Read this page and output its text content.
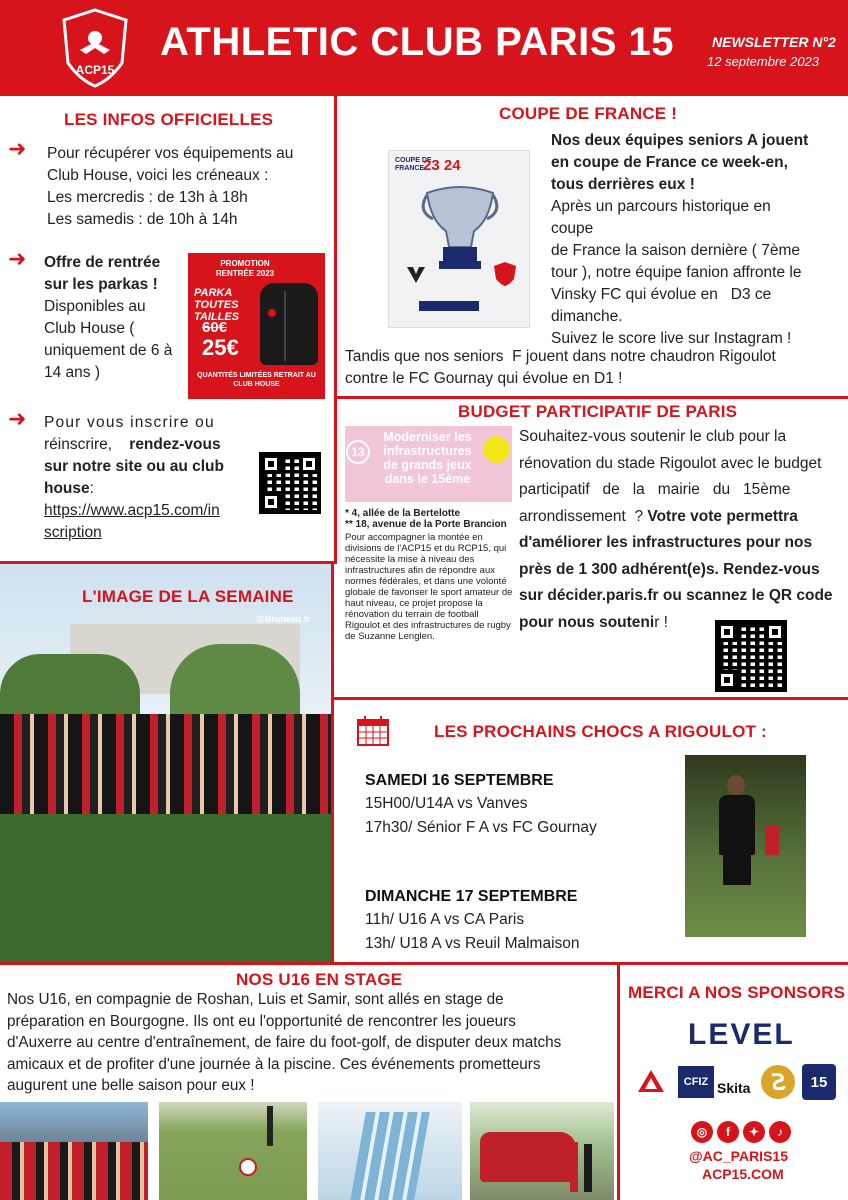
ACP15
ATHLETIC CLUB PARIS 15	NEWSLETTER N°2
12 septembre 2023
LES INFOS OFFICIELLES
➜ Pour récupérer vos équipements au
Club House, voici les créneaux :
Les mercredis : de 13h à 18h
Les samedis : de 10h à 14h
➜ Offre de rentrée
sur les parkas !
Disponibles au
Club House (
uniquement de 6 à
14 ans )
PROMOTION RENTRÉE 2023
PARKA TOUTES TAILLES
60€
25€
QUANTITÉS LIMITÉES RETRAIT AU CLUB HOUSE
➜ Pour vous inscrire ou
réinscrire, rendez-vous
sur notre site ou au club
house:
https://www.acp15.com/in
scription
COUPE DE FRANCE !
COUPE DE FRANCE
23 24
Nos deux équipes seniors A jouent
en coupe de France ce week-en,
tous derrières eux !
Après un parcours historique en coupe
de France la saison dernière ( 7ème
tour ), notre équipe fanion affronte le
Vinsky FC qui évolue en   D3 ce
dimanche.
Suivez le score live sur Instagram !
Tandis que nos seniors  F jouent dans notre chaudron Rigoulot
contre le FC Gournay qui évolue en D1 !
BUDGET PARTICIPATIF DE PARIS
13
Moderniser les infrastructures de grands jeux dans le 15ème
* 4, allée de la Bertelotte
** 18, avenue de la Porte Brancion
Pour accompagner la montée en divisions de l'ACP15 et du RCP15, qui nécessite la mise à niveau des infrastructures afin de répondre aux normes fédérales, et dans une volonté globale de favoriser le sport amateur de haut niveau, ce projet propose la rénovation du terrain de football Rigoulot et des infrastructures de rugby de Suzanne Lenglen.
Souhaitez-vous soutenir le club pour la
rénovation du stade Rigoulot avec le budget
participatif   de   la   mairie   du   15ème
arrondissement  ? Votre vote permettra
d'améliorer les infrastructures pour nos
près de 1 300 adhérent(e)s. Rendez-vous
sur décider.paris.fr ou scannez le QR code
pour nous soutenir !
@Bruneau.fr
L'IMAGE DE LA SEMAINE
LES PROCHAINS CHOCS A RIGOULOT :
SAMEDI 16 SEPTEMBRE
15H00/U14A vs Vanves
17h30/ Sénior F A vs FC Gournay
DIMANCHE 17 SEPTEMBRE
11h/ U16 A vs CA Paris
13h/ U18 A vs Reuil Malmaison
NOS U16 EN STAGE
Nos U16, en compagnie de Roshan, Luis et Samir, sont allés en stage de
préparation en Bourgogne. Ils ont eu l'opportunité de rencontrer les joueurs
d'Auxerre au centre d'entraînement, de faire du foot-golf, de disputer deux matchs
amicaux et de profiter d'une journée à la piscine. Ces événements prometteurs
augurent une belle saison pour eux !
MERCI A NOS SPONSORS
LEVEL
CFIZ Skita	15
◎	f	✦	♪
@AC_PARIS15
ACP15.COM
